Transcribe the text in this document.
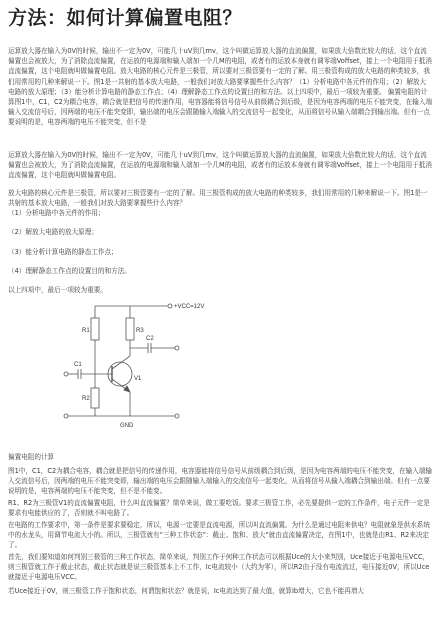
方法：如何计算偏置电阻？

运算放大器在输入为0V的时候，输出不一定为0V，可能几十uV到几mv，这个叫做运算放大器的直流偏置，如果放大倍数比较大的话，这个直流偏置也会被放大，为了消除直流偏置，在运放的电源端和输入端加一个几M的电阻，或者有的运放本身就有调零端Voffset，接上一个电阻用于抵消直流偏置，这个电阻就叫做偏置电阻。放大电路的核心元件是三极管，所以要对三极管要有一定的了解。用三极管构成的放大电路的种类较多，我们用常用的几种来解说一下。图1是一共射的基本放大电路，一般我们对放大路要掌握些什么内容？（1）分析电路中各元件的作用；（2）解放大电路的放大原理；（3）能分析计算电路的静态工作点；（4）理解静态工作点的设置目的和方法。以上四项中，最后一项较为重要。 偏置电阻的计算图1中，C1，C2为耦合电容，耦合就是把信号的传递作用，电容器能将信号信号从前级耦合到后级，是因为电容两端的电压不能突变，在输入端输入交流信号后，因两端的电压不能突变即，输出端的电压会跟随输入端输入的交流信号一起变化，从而将信号从输入端耦合到输出端。但有一点要说明的是，电容两端的电压不能突变，但不是

运算放大器在输入为0V的时候，输出不一定为0V，可能几十uV到几mv，这个叫做运算放大器的直流偏置，如果放大倍数比较大的话，这个直流偏置也会被放大，为了消除直流偏置，在运放的电源端和输入端加一个几M的电阻，或者有的运放本身就有调零端Voffset，接上一个电阻用于抵消直流偏置，这个电阻就叫做偏置电阻。

放大电路的核心元件是三极管，所以要对三极管要有一定的了解。用三极管构成的放大电路的种类较多，我们用常用的几种来解说一下。图1是一共射的基本放大电路，一般我们对放大路要掌握些什么内容？

（1）分析电路中各元件的作用；

（2）解放大电路的放大原理；

（3）能分析计算电路的静态工作点；

（4）理解静态工作点的设置目的和方法。

以上四项中，最后一项较为重要。

+VCC=12V
R1	R3
C1
C2
V1
R2
GND

偏置电阻的计算

图1中，C1，C2为耦合电容，耦合就是把信号的传递作用，电容器能将信号信号从前级耦合到后级，是因为电容两端的电压不能突变，在输入端输入交流信号后，因两端的电压不能突变即，输出端的电压会跟随输入端输入的交流信号一起变化，从而将信号从输入端耦合到输出端。但有一点要说明的是，电容两端的电压不能突变，但不是不能变。

R1、R2为三极管V1的直流偏置电阻，什么叫直流偏置？简单来说，做工要吃饭。要求三极管工作，必先要提供一定的工作条件，电子元件一定是要求有电能供应的了，否则就不叫电路了。

在电路的工作要求中，第一条件是要求要稳定，所以，电源一定要是直流电源，所以叫直流偏置。为什么是通过电阻来供电？电阻就象是供水系统中的水龙头，用调节电流大小的。所以，三极管就有“三种工作状态”：截止、饱和、放大“就由直流偏置决定，在图1中，也就是由R1、R2来决定了。

首先，我们要知道如何判别三极管的三种工作状态，简单来说，判别工作于何种工作状态可以根据Uce的大小来判别，Uce接近于电源电压VCC，则三极管就工作于截止状态，截止状态就是说三极管基本上不工作，Ic电流较小（大约为零），所以R2由于没有电流流过，电压接近0V，所以Uce就接近于电源电压VCC。

若Uce接近于0V，则三极管工作于饱和状态，何谓饱和状态？就是说，Ic电流达到了最大值，就算Ib增大，它也不能再增大
